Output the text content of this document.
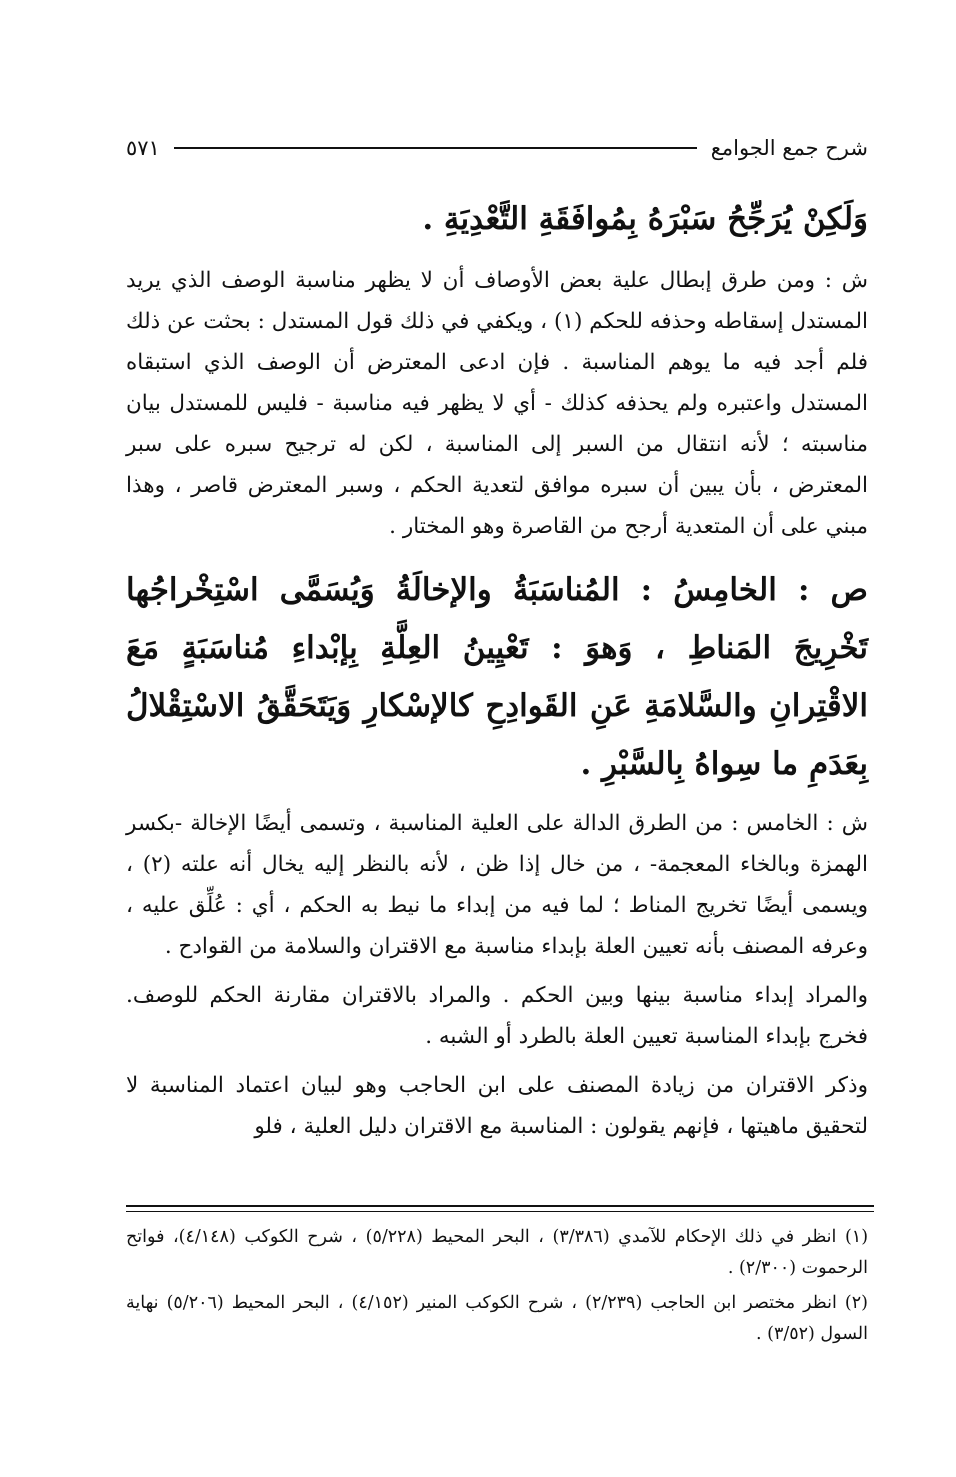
شرح جمع الجوامع
٥٧١

وَلَكِنْ يُرَجِّحُ سَبْرَهُ بِمُوافَقَةِ التَّعْدِيَةِ .

ش : ومن طرق إبطال علية بعض الأوصاف أن لا يظهر مناسبة الوصف الذي يريد المستدل إسقاطه وحذفه للحكم (١) ، ويكفي في ذلك قول المستدل : بحثت عن ذلك فلم أجد فيه ما يوهم المناسبة . فإن ادعى المعترض أن الوصف الذي استبقاه المستدل واعتبره ولم يحذفه كذلك - أي لا يظهر فيه مناسبة - فليس للمستدل بيان مناسبته ؛ لأنه انتقال من السبر إلى المناسبة ، لكن له ترجيح سبره على سبر المعترض ، بأن يبين أن سبره موافق لتعدية الحكم ، وسبر المعترض قاصر ، وهذا مبني على أن المتعدية أرجح من القاصرة وهو المختار .

ص : الخامِسُ : المُناسَبَةُ والإخالَةُ وَيُسَمَّى اسْتِخْراجُها تَخْرِيجَ المَناطِ ، وَهوَ : تَعْيِينُ العِلَّةِ بِإبْداءِ مُناسَبَةٍ مَعَ الاقْتِرانِ والسَّلامَةِ عَنِ القَوادِحِ كالإسْكارِ وَيَتَحَقَّقُ الاسْتِقْلالُ بِعَدَمِ ما سِواهُ بِالسَّبْرِ .

ش : الخامس : من الطرق الدالة على العلية المناسبة ، وتسمى أيضًا الإخالة -بكسر الهمزة وبالخاء المعجمة- ، من خال إذا ظن ، لأنه بالنظر إليه يخال أنه علته (٢) ، ويسمى أيضًا تخريج المناط ؛ لما فيه من إبداء ما نيط به الحكم ، أي : عُلِّق عليه ، وعرفه المصنف بأنه تعيين العلة بإبداء مناسبة مع الاقتران والسلامة من القوادح .

والمراد إبداء مناسبة بينها وبين الحكم . والمراد بالاقتران مقارنة الحكم للوصف. فخرج بإبداء المناسبة تعيين العلة بالطرد أو الشبه .

وذكر الاقتران من زيادة المصنف على ابن الحاجب وهو لبيان اعتماد المناسبة لا لتحقيق ماهيتها ، فإنهم يقولون : المناسبة مع الاقتران دليل العلية ، فلو

(١) انظر في ذلك الإحكام للآمدي (٣/٣٨٦) ، البحر المحيط (٥/٢٢٨) ، شرح الكوكب (٤/١٤٨)، فواتح الرحموت (٢/٣٠٠) .

(٢) انظر مختصر ابن الحاجب (٢/٢٣٩) ، شرح الكوكب المنير (٤/١٥٢) ، البحر المحيط (٥/٢٠٦) نهاية السول (٣/٥٢) .
